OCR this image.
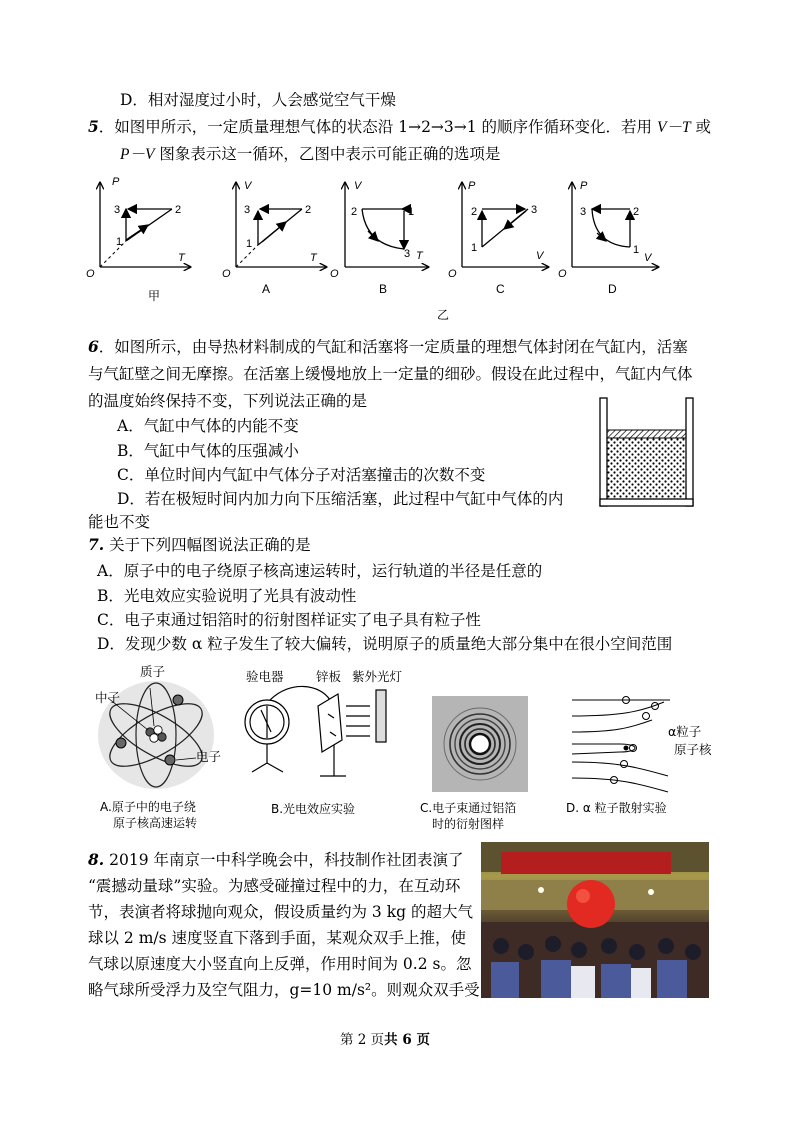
D．相对湿度过小时，人会感觉空气干燥
5．如图甲所示，一定质量理想气体的状态沿 1→2→3→1 的顺序作循环变化．若用 V－T 或
P－V 图象表示这一循环，乙图中表示可能正确的选项是
P
T
O
3	2
1
V
T
O
3	2
1
V
T
O
2	1
3
P
V
O
2	3
1
P
V
O
3	2
1
甲	A	B	C	D
乙
6．如图所示，由导热材料制成的气缸和活塞将一定质量的理想气体封闭在气缸内，活塞
与气缸壁之间无摩擦。在活塞上缓慢地放上一定量的细砂。假设在此过程中，气缸内气体
的温度始终保持不变，下列说法正确的是
A．气缸中气体的内能不变
B．气缸中气体的压强减小
C．单位时间内气缸中气体分子对活塞撞击的次数不变
D．若在极短时间内加力向下压缩活塞，此过程中气缸中气体的内
能也不变
7. 关于下列四幅图说法正确的是
A．原子中的电子绕原子核高速运转时，运行轨道的半径是任意的
B．光电效应实验说明了光具有波动性
C．电子束通过铝箔时的衍射图样证实了电子具有粒子性
D．发现少数 α 粒子发生了较大偏转，说明原子的质量绝大部分集中在很小空间范围
质子
中子
电子
验电器	锌板 紫外光灯
α粒子
原子核
A.原子中的电子绕
原子核高速运转
B.光电效应实验	C.电子束通过铝箔
时的衍射图样
D. α 粒子散射实验
8. 2019 年南京一中科学晚会中，科技制作社团表演了
“震撼动量球”实验。为感受碰撞过程中的力，在互动环
节，表演者将球抛向观众，假设质量约为 3 kg 的超大气
球以 2 m/s 速度竖直下落到手面，某观众双手上推，使
气球以原速度大小竖直向上反弹，作用时间为 0.2 s。忽
略气球所受浮力及空气阻力，g=10 m/s²。则观众双手受
第 2 页共 6 页
